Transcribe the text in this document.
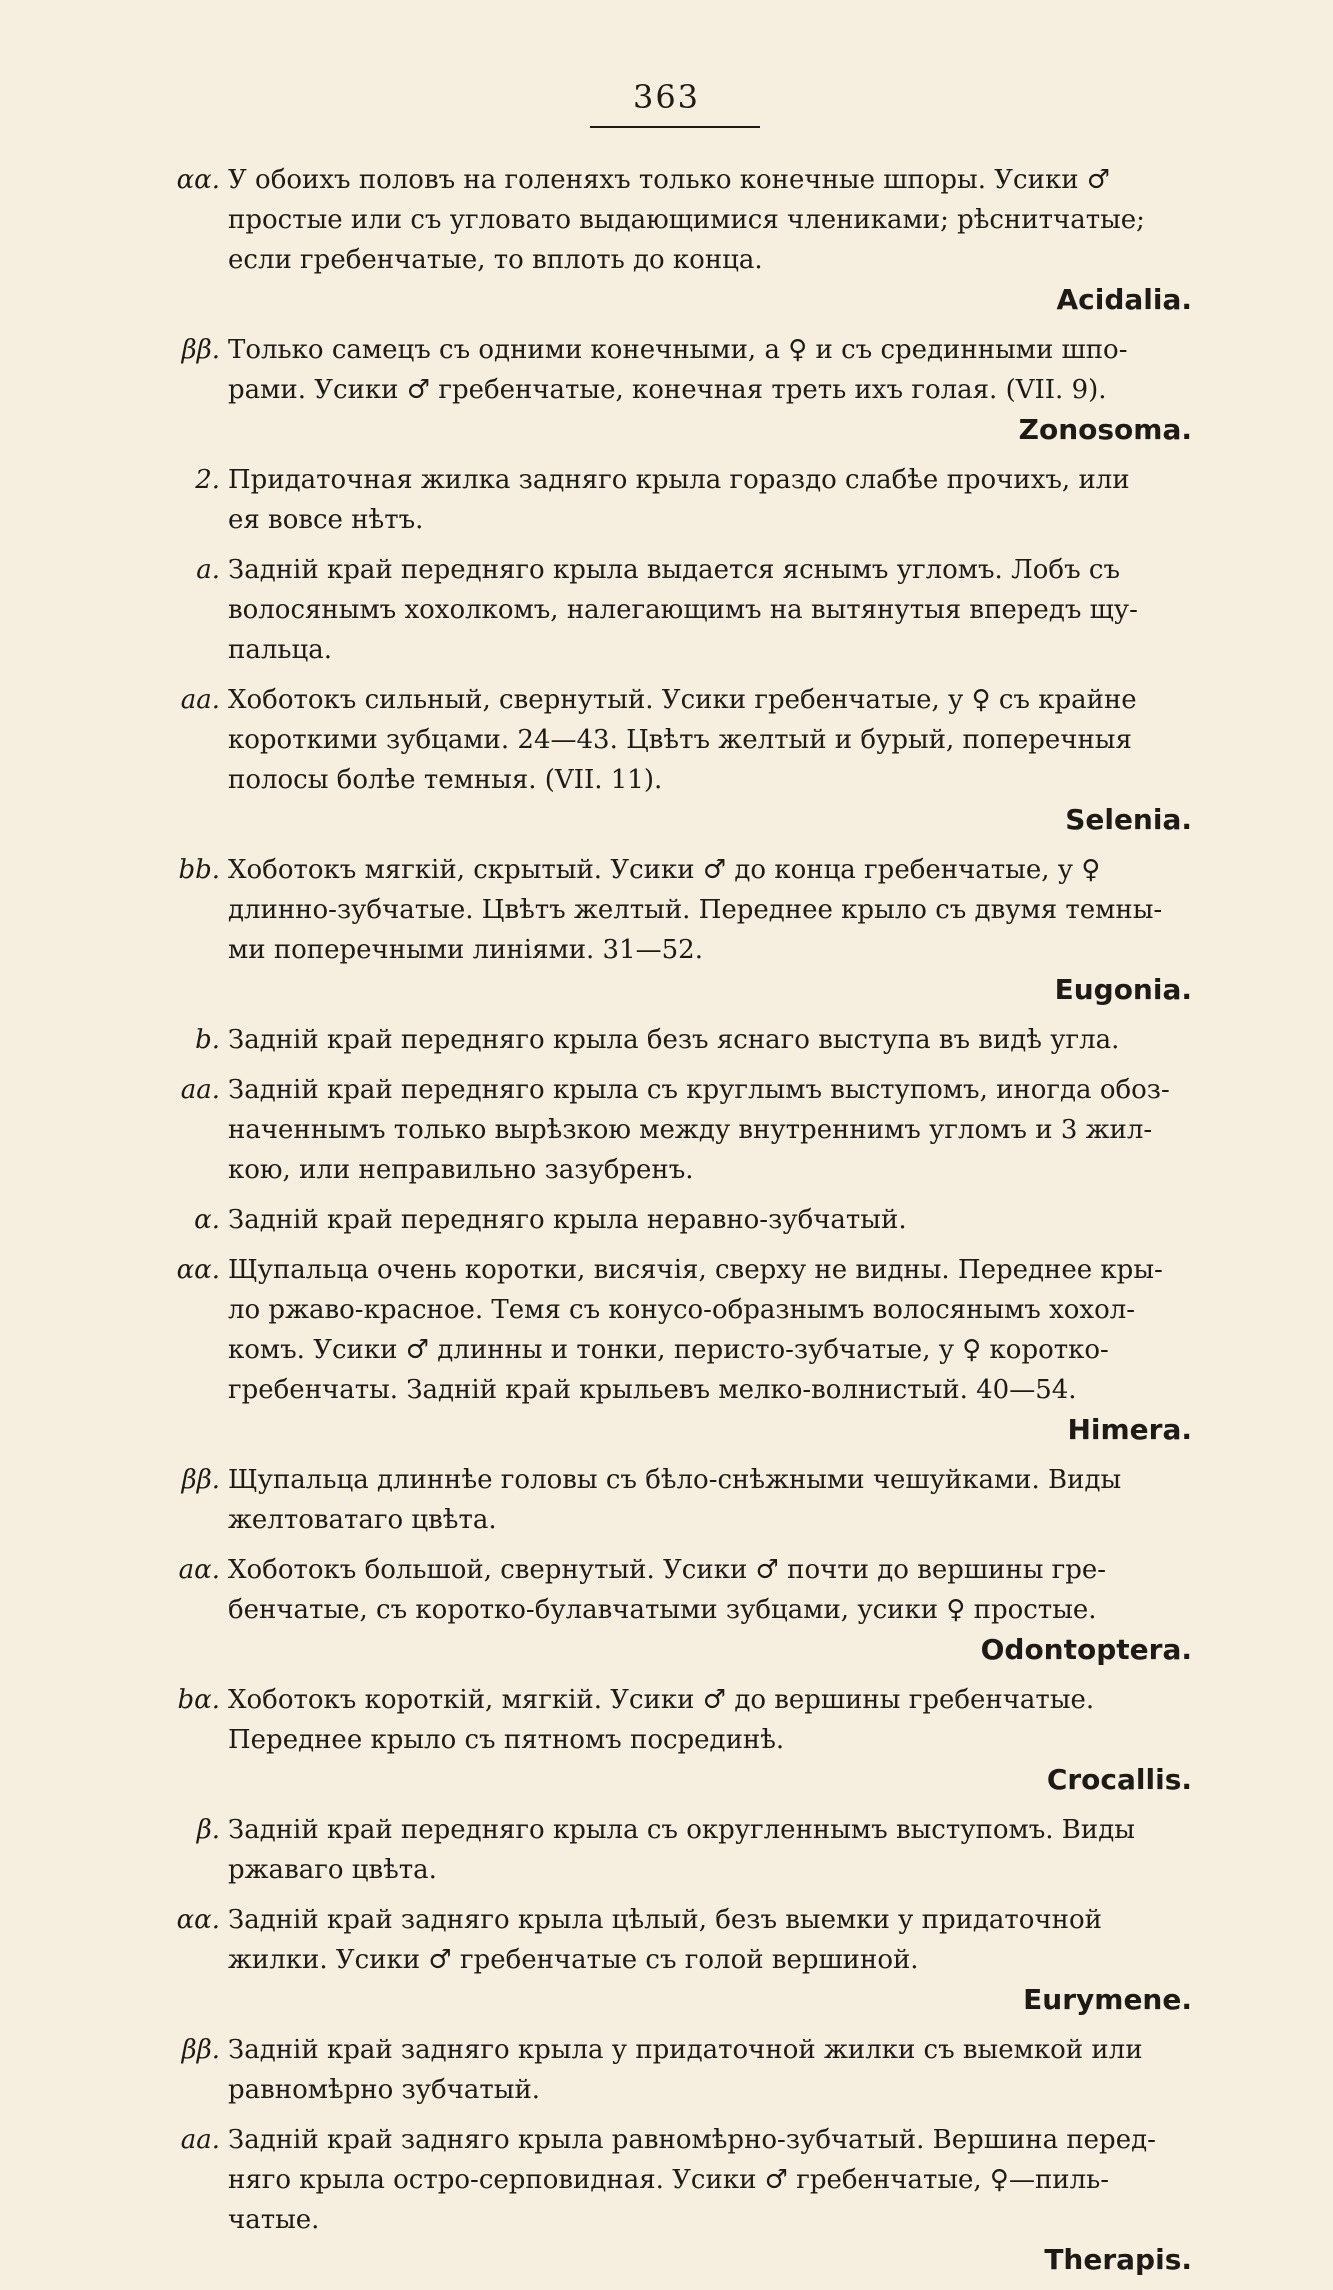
363
αα. У обоихъ половъ на голеняхъ только конечные шпоры. Усики ♂
простые или съ угловато выдающимися члениками; рѣснитчатые;
если гребенчатые, то вплоть до конца.
Acidalia.
ββ. Только самецъ съ одними конечными, а ♀ и съ срединными шпо-
рами. Усики ♂ гребенчатые, конечная треть ихъ голая. (VII. 9).
Zonosoma.
2. Придаточная жилка задняго крыла гораздо слабѣе прочихъ, или
ея вовсе нѣтъ.
a. Заднiй край передняго крыла выдается яснымъ угломъ. Лобъ съ
волосянымъ хохолкомъ, налегающимъ на вытянутыя впередъ щу-
пальца.
aa. Хоботокъ сильный, свернутый. Усики гребенчатые, у ♀ съ крайне
короткими зубцами. 24—43. Цвѣтъ желтый и бурый, поперечныя
полосы болѣе темныя. (VII. 11).
Selenia.
bb. Хоботокъ мягкiй, скрытый. Усики ♂ до конца гребенчатые, у ♀
длинно-зубчатые. Цвѣтъ желтый. Переднее крыло съ двумя темны-
ми поперечными линiями. 31—52.
Eugonia.
b. Заднiй край передняго крыла безъ яснаго выступа въ видѣ угла.
aa. Заднiй край передняго крыла съ круглымъ выступомъ, иногда обоз-
наченнымъ только вырѣзкою между внутреннимъ угломъ и 3 жил-
кою, или неправильно зазубренъ.
α. Заднiй край передняго крыла неравно-зубчатый.
αα. Щупальца очень коротки, висячiя, сверху не видны. Переднее кры-
ло ржаво-красное. Темя съ конусо-образнымъ волосянымъ хохол-
комъ. Усики ♂ длинны и тонки, перисто-зубчатые, у ♀ коротко-
гребенчаты. Заднiй край крыльевъ мелко-волнистый. 40—54.
Himera.
ββ. Щупальца длиннѣе головы съ бѣло-снѣжными чешуйками. Виды
желтоватаго цвѣта.
aα. Хоботокъ большой, свернутый. Усики ♂ почти до вершины гре-
бенчатые, съ коротко-булавчатыми зубцами, усики ♀ простые.
Odontoptera.
bα. Хоботокъ короткiй, мягкiй. Усики ♂ до вершины гребенчатые.
Переднее крыло съ пятномъ посрединѣ.
Crocallis.
β. Заднiй край передняго крыла съ округленнымъ выступомъ. Виды
ржаваго цвѣта.
αα. Заднiй край задняго крыла цѣлый, безъ выемки у придаточной
жилки. Усики ♂ гребенчатые съ голой вершиной.
Eurymene.
ββ. Заднiй край задняго крыла у придаточной жилки съ выемкой или
равномѣрно зубчатый.
aa. Заднiй край задняго крыла равномѣрно-зубчатый. Вершина перед-
няго крыла остро-серповидная. Усики ♂ гребенчатые, ♀—пиль-
чатые.
Therapis.
